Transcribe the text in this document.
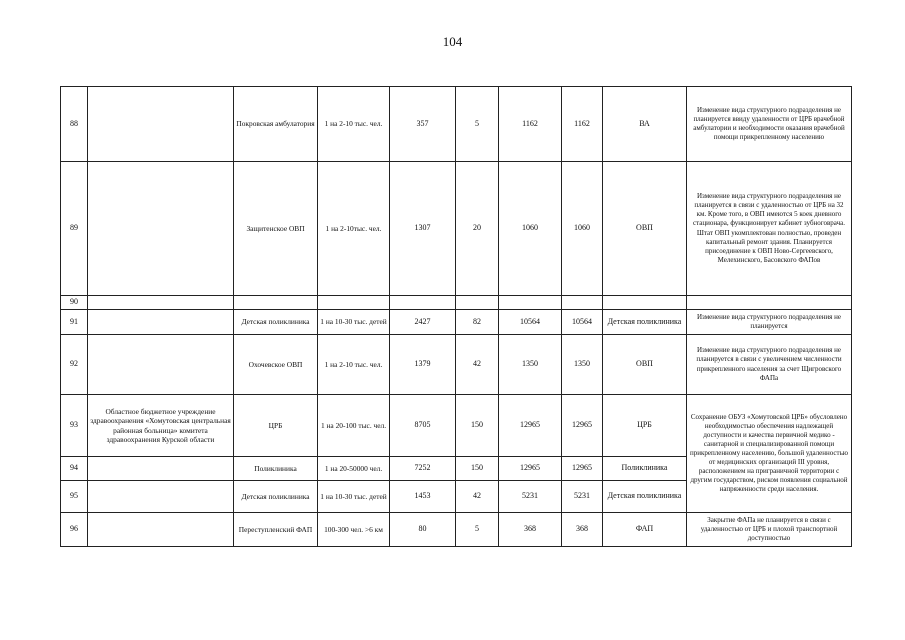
104
88		Покровская амбулатория	1 на 2-10 тыс. чел.	357	5	1162	1162	ВА	Изменение вида структурного подразделения не планируется ввиду удаленности от ЦРБ врачебной амбулатории и необходимости оказания врачебной помощи прикрепленному населению
89		Защитенское ОВП	1 на 2-10тыс. чел.	1307	20	1060	1060	ОВП	Изменение вида структурного подразделения не планируется в связи с удаленностью от ЦРБ на 32 км. Кроме того, в ОВП имеются 5 коек дневного стационара, функционирует кабинет зубноговрача. Штат ОВП укомплектован полностью, проведен капитальный ремонт здания. Планируется присоединение к ОВП Ново-Сергеевского, Мелехинского, Басовского ФАПов
90									
91		Детская поликлиника	1 на 10-30 тыс. детей	2427	82	10564	10564	Детская поликлиника	Изменение вида структурного подразделения не планируется
92		Охочевское ОВП	1 на 2-10 тыс. чел.	1379	42	1350	1350	ОВП	Изменение вида структурного подразделения не планируется в связи с увеличением численности прикрепленного населения за счет Щигровского ФАПа
93	Областное бюджетное учреждение здравоохранения «Хомутовская центральная районная больница» комитета здравоохранения Курской области	ЦРБ	1 на 20-100 тыс. чел.	8705	150	12965	12965	ЦРБ	Сохранение ОБУЗ «Хомутовской ЦРБ» обусловлено необходимостью обеспечения надлежащей доступности и качества первичной медико - санитарной и специализированной помощи прикрепленному населению, большой удаленностью от медицинских организаций III уровня, расположением на приграничной территории с другим государством, риском появления социальной напряженности среди населения.
94		Поликлиника	1 на 20-50000 чел.	7252	150	12965	12965	Поликлиника	
95		Детская поликлиника	1 на 10-30 тыс. детей	1453	42	5231	5231	Детская поликлиника	
96		Переступленский ФАП	100-300 чел. >6 км	80	5	368	368	ФАП	Закрытие ФАПа не планируется в связи с удаленностью от ЦРБ и плохой транспортной доступностью
